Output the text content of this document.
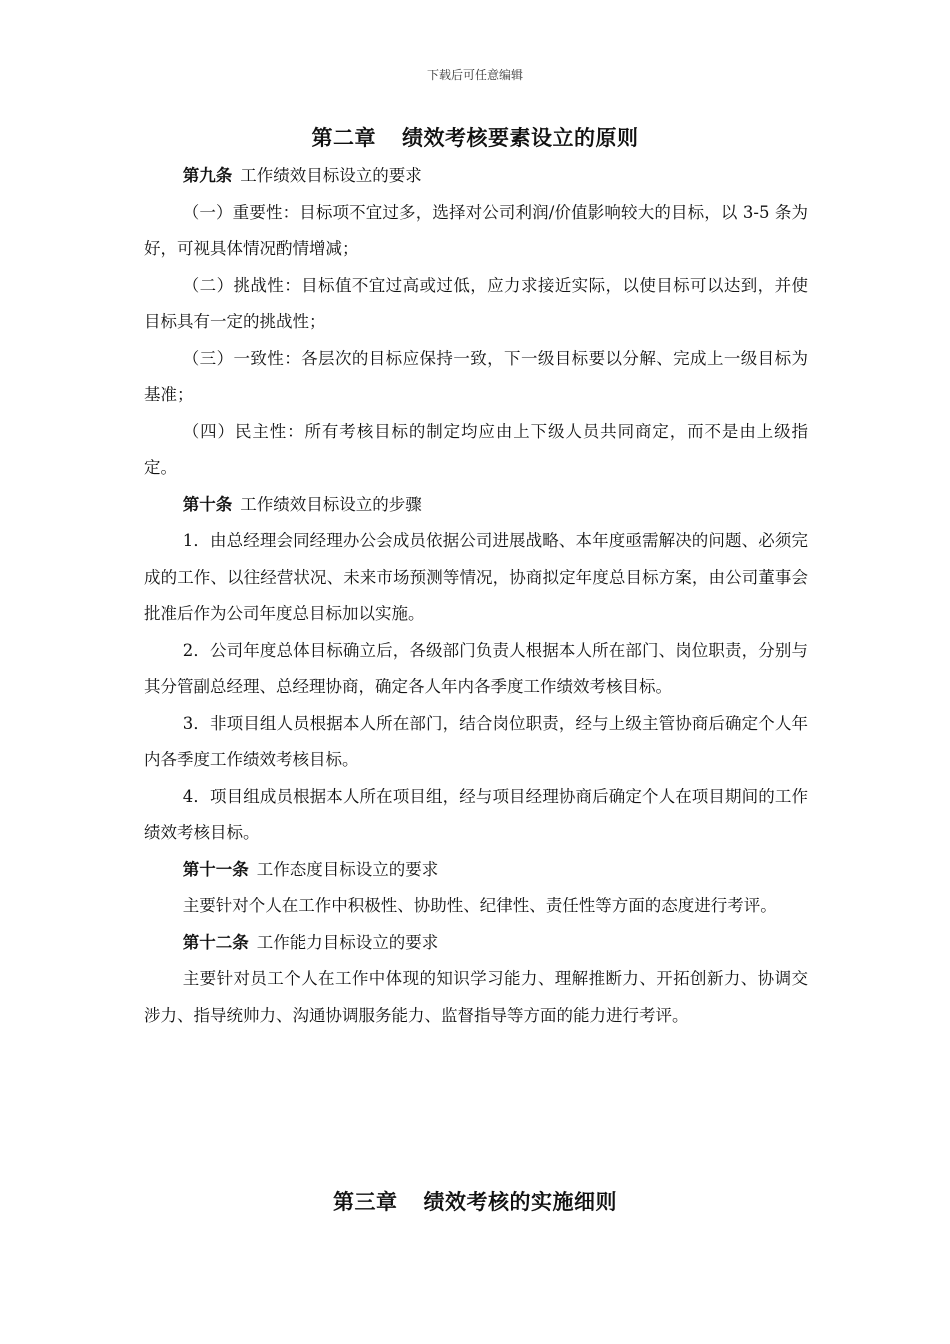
下载后可任意编辑
第二章 绩效考核要素设立的原则

第九条 工作绩效目标设立的要求

（一）重要性：目标项不宜过多，选择对公司利润/价值影响较大的目标，以 3-5 条为好，可视具体情况酌情增减；

（二）挑战性：目标值不宜过高或过低，应力求接近实际，以使目标可以达到，并使目标具有一定的挑战性；

（三）一致性：各层次的目标应保持一致，下一级目标要以分解、完成上一级目标为基准；

（四）民主性：所有考核目标的制定均应由上下级人员共同商定，而不是由上级指定。

第十条 工作绩效目标设立的步骤

1．由总经理会同经理办公会成员依据公司进展战略、本年度亟需解决的问题、必须完成的工作、以往经营状况、未来市场预测等情况，协商拟定年度总目标方案，由公司董事会批准后作为公司年度总目标加以实施。

2．公司年度总体目标确立后，各级部门负责人根据本人所在部门、岗位职责，分别与其分管副总经理、总经理协商，确定各人年内各季度工作绩效考核目标。

3．非项目组人员根据本人所在部门，结合岗位职责，经与上级主管协商后确定个人年内各季度工作绩效考核目标。

4．项目组成员根据本人所在项目组，经与项目经理协商后确定个人在项目期间的工作绩效考核目标。

第十一条 工作态度目标设立的要求

主要针对个人在工作中积极性、协助性、纪律性、责任性等方面的态度进行考评。

第十二条 工作能力目标设立的要求

主要针对员工个人在工作中体现的知识学习能力、理解推断力、开拓创新力、协调交涉力、指导统帅力、沟通协调服务能力、监督指导等方面的能力进行考评。

第三章 绩效考核的实施细则
